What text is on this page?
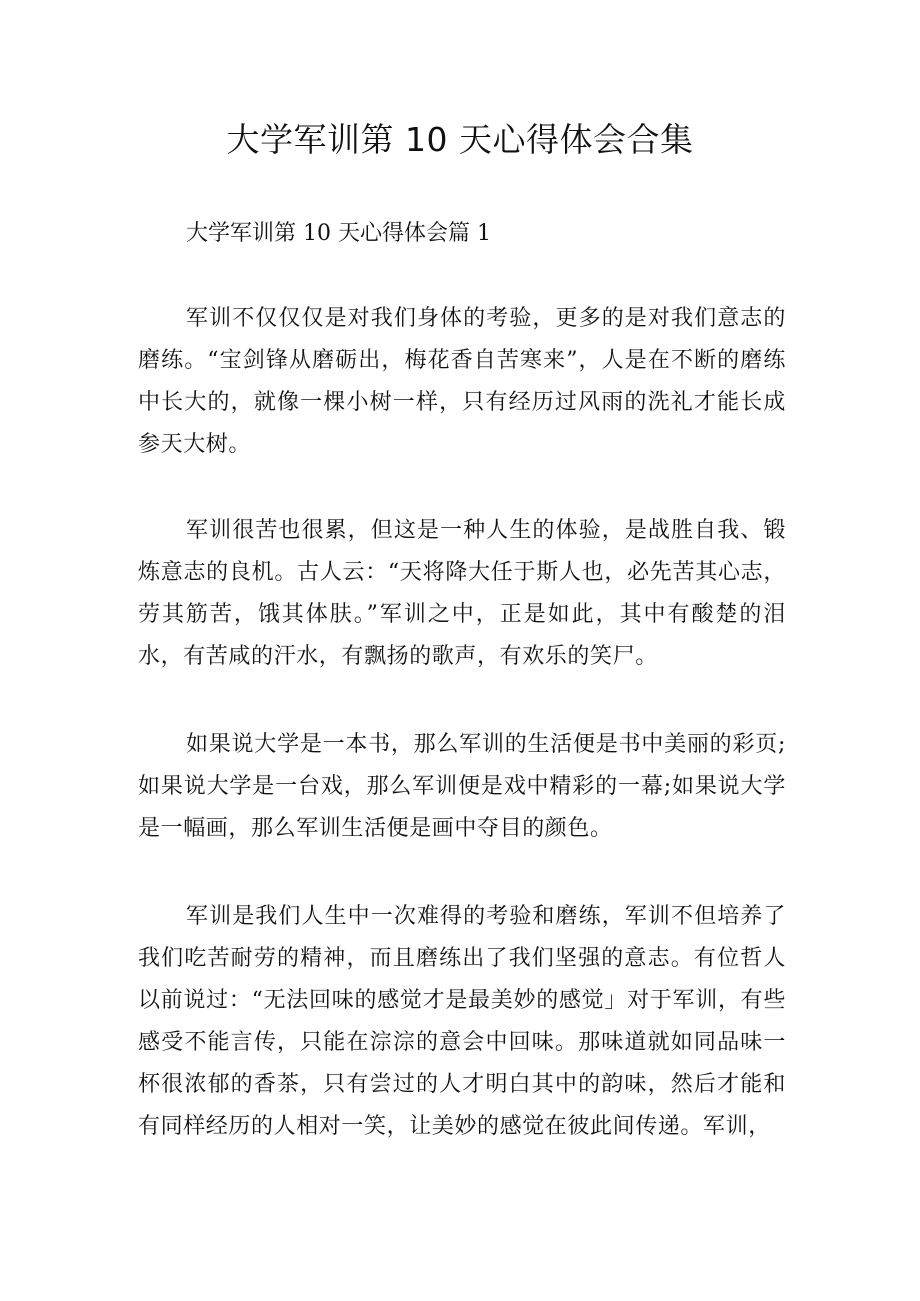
大学军训第 10 天心得体会合集
大学军训第 10 天心得体会篇 1

军训不仅仅仅是对我们身体的考验，更多的是对我们意志的磨练。“宝剑锋从磨砺出，梅花香自苦寒来”，人是在不断的磨练中长大的，就像一棵小树一样，只有经历过风雨的洗礼才能长成参天大树。

军训很苦也很累，但这是一种人生的体验，是战胜自我、锻炼意志的良机。古人云：“天将降大任于斯人也，必先苦其心志，劳其筋苦，饿其体肤。”军训之中，正是如此，其中有酸楚的泪水，有苦咸的汗水，有飘扬的歌声，有欢乐的笑尸。

如果说大学是一本书，那么军训的生活便是书中美丽的彩页;如果说大学是一台戏，那么军训便是戏中精彩的一幕;如果说大学是一幅画，那么军训生活便是画中夺目的颜色。

军训是我们人生中一次难得的考验和磨练，军训不但培养了我们吃苦耐劳的精神，而且磨练出了我们坚强的意志。有位哲人以前说过：“无法回味的感觉才是最美妙的感觉」对于军训，有些感受不能言传，只能在淙淙的意会中回味。那味道就如同品味一杯很浓郁的香茶，只有尝过的人才明白其中的韵味，然后才能和有同样经历的人相对一笑，让美妙的感觉在彼此间传递。军训，
